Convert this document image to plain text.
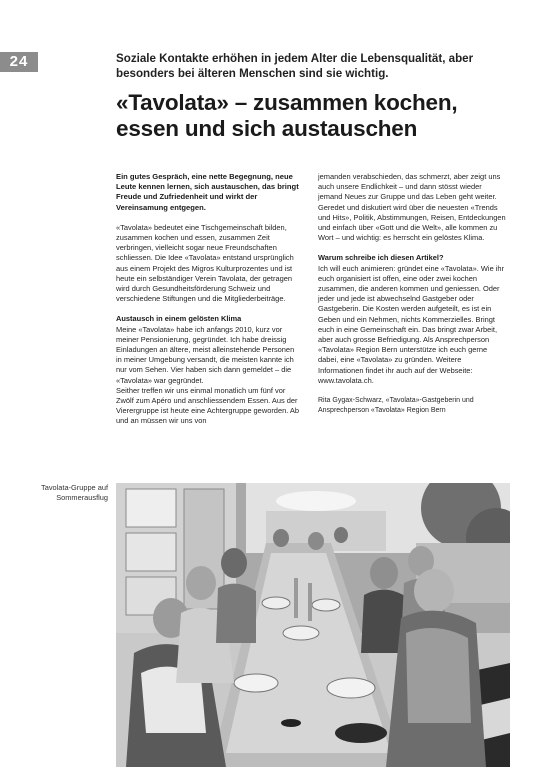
24	Soziale Kontakte erhöhen in jedem Alter die Lebensqualität, aber besonders bei älteren Menschen sind sie wichtig.
«Tavolata» – zusammen kochen, essen und sich austauschen

Ein gutes Gespräch, eine nette Begegnung, neue Leute kennen lernen, sich austauschen, das bringt Freude und Zufriedenheit und wirkt der Vereinsamung entgegen.

«Tavolata» bedeutet eine Tischgemeinschaft bilden, zusammen kochen und essen, zusammen Zeit verbringen, vielleicht sogar neue Freundschaften schliessen. Die Idee «Tavolata» entstand ursprünglich aus einem Projekt des Migros Kulturprozentes und ist heute ein selbständiger Verein Tavolata, der getragen wird durch Gesundheitsförderung Schweiz und verschiedene Stiftungen und die Mitgliederbeiträge.

Austausch in einem gelösten Klima

Meine «Tavolata» habe ich anfangs 2010, kurz vor meiner Pensionierung, gegründet. Ich habe dreissig Einladungen an ältere, meist alleinstehende Personen in meiner Umgebung versandt, die meisten kannte ich nur vom Sehen. Vier haben sich dann gemeldet – die «Tavolata» war gegründet.

Seither treffen wir uns einmal monatlich um fünf vor Zwölf zum Apéro und anschliessendem Essen. Aus der Vierergruppe ist heute eine Achtergruppe geworden. Ab und an müssen wir uns von

jemanden verabschieden, das schmerzt, aber zeigt uns auch unsere Endlichkeit – und dann stösst wieder jemand Neues zur Gruppe und das Leben geht weiter.

Geredet und diskutiert wird über die neuesten «Trends und Hits», Politik, Abstimmungen, Reisen, Entdeckungen und einfach über «Gott und die Welt», alle kommen zu Wort – und wichtig: es herrscht ein gelöstes Klima.

Warum schreibe ich diesen Artikel?

Ich will euch animieren: gründet eine «Tavolata». Wie ihr euch organisiert ist offen, eine oder zwei kochen zusammen, die anderen kommen und geniessen. Oder jeder und jede ist abwechselnd Gastgeber oder Gastgeberin. Die Kosten werden aufgeteilt, es ist ein Geben und ein Nehmen, nichts Kommerzielles. Bringt euch in eine Gemeinschaft ein. Das bringt zwar Arbeit, aber auch grosse Befriedigung. Als Ansprechperson «Tavolata» Region Bern unterstütze ich euch gerne dabei, eine «Tavolata» zu gründen. Weitere Informationen findet ihr auch auf der Webseite: www.tavolata.ch.

Rita Gygax-Schwarz, «Tavolata»-Gastgeberin und Ansprechperson «Tavolata» Region Bern

Tavolata-Gruppe auf Sommerausflug
